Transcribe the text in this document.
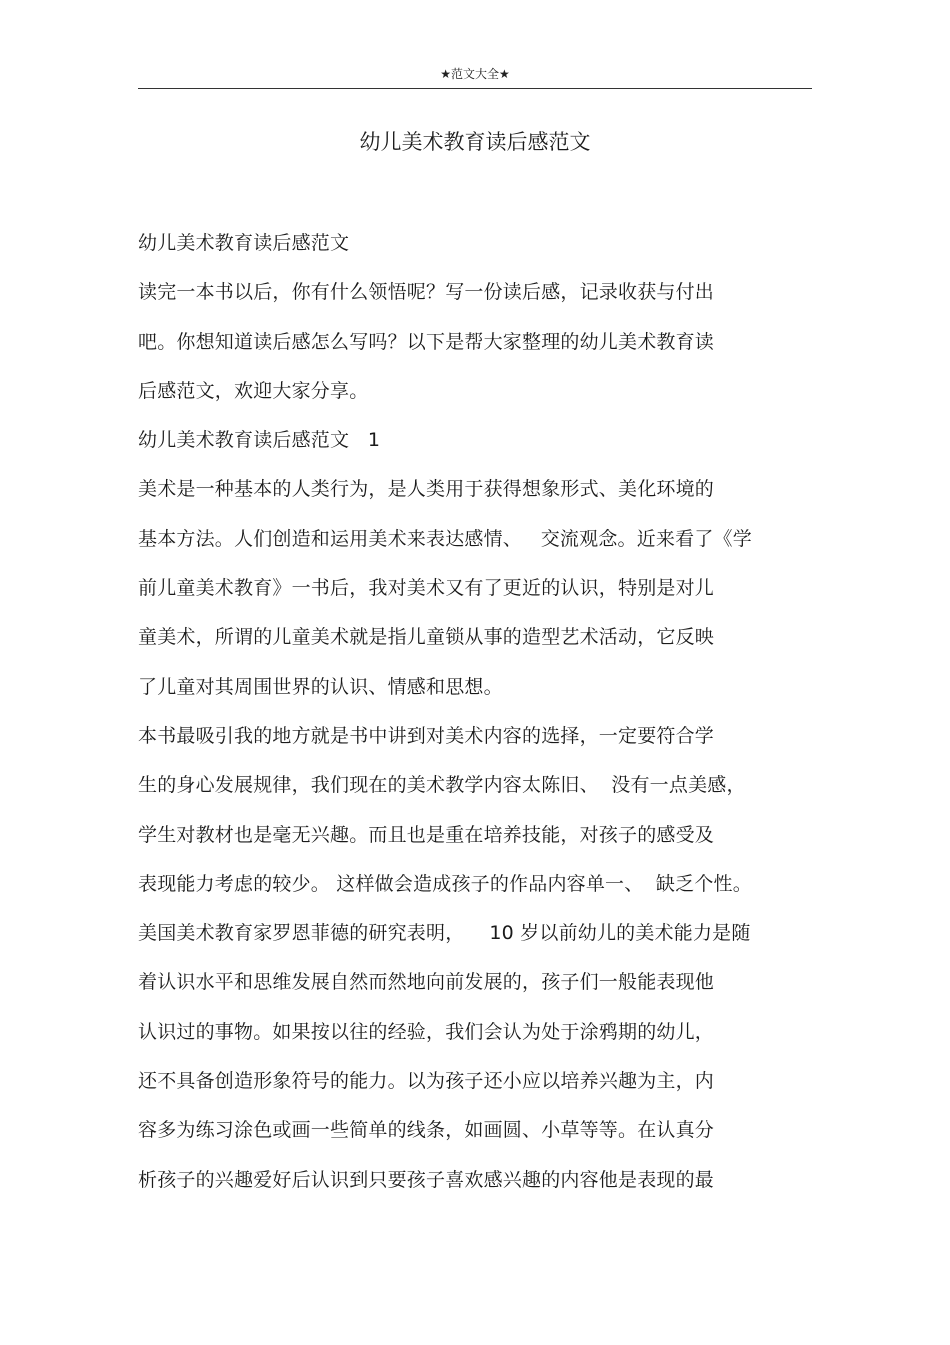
★范文大全★
幼儿美术教育读后感范文
幼儿美术教育读后感范文
读完一本书以后，你有什么领悟呢？写一份读后感，记录收获与付出
吧。你想知道读后感怎么写吗？以下是帮大家整理的幼儿美术教育读
后感范文，欢迎大家分享。
幼儿美术教育读后感范文   1
美术是一种基本的人类行为，是人类用于获得想象形式、美化环境的
基本方法。人们创造和运用美术来表达感情、   交流观念。近来看了《学
前儿童美术教育》一书后，我对美术又有了更近的认识，特别是对儿
童美术，所谓的儿童美术就是指儿童锁从事的造型艺术活动，它反映
了儿童对其周围世界的认识、情感和思想。
本书最吸引我的地方就是书中讲到对美术内容的选择，一定要符合学
生的身心发展规律，我们现在的美术教学内容太陈旧、  没有一点美感，
学生对教材也是毫无兴趣。而且也是重在培养技能，对孩子的感受及
表现能力考虑的较少。 这样做会造成孩子的作品内容单一、  缺乏个性。
美国美术教育家罗恩菲德的研究表明，    10 岁以前幼儿的美术能力是随
着认识水平和思维发展自然而然地向前发展的，孩子们一般能表现他
认识过的事物。如果按以往的经验，我们会认为处于涂鸦期的幼儿，
还不具备创造形象符号的能力。以为孩子还小应以培养兴趣为主，内
容多为练习涂色或画一些简单的线条，如画圆、小草等等。在认真分
析孩子的兴趣爱好后认识到只要孩子喜欢感兴趣的内容他是表现的最
